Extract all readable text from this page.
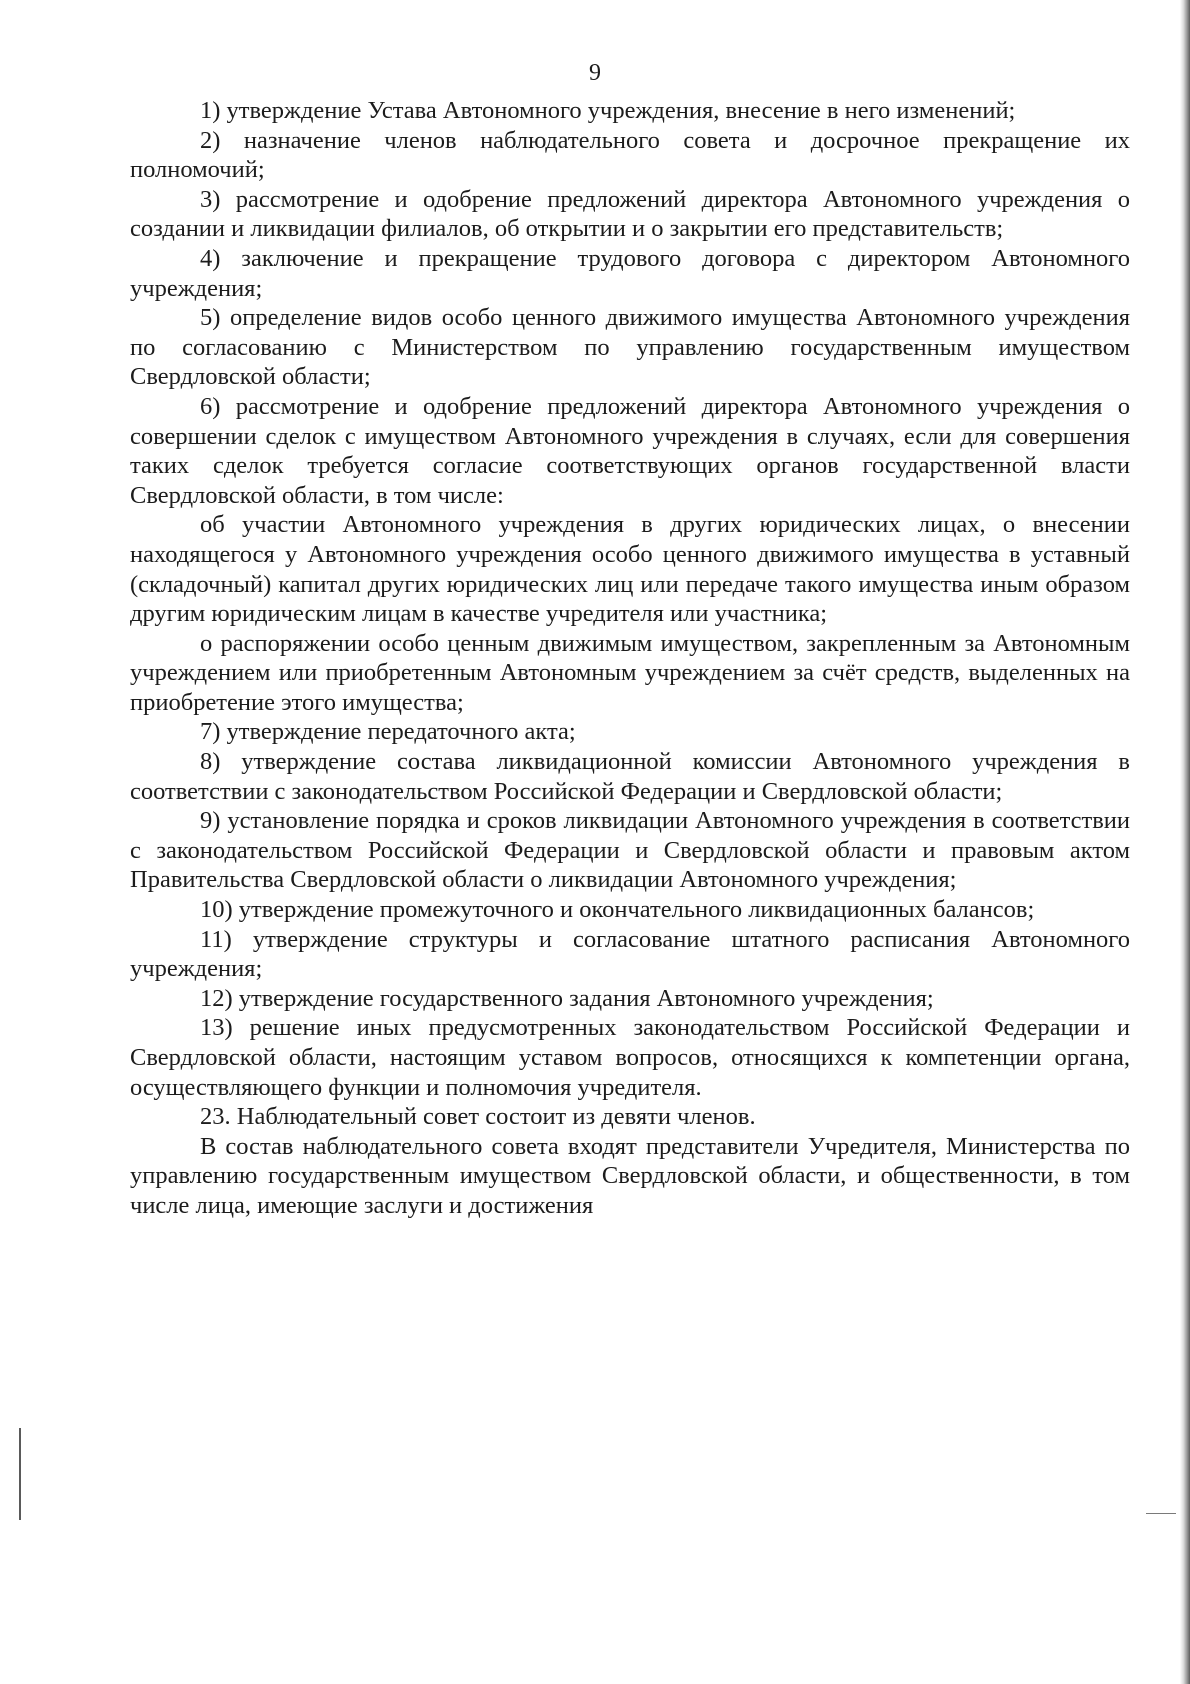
9

1) утверждение Устава Автономного учреждения, внесение в него изменений;

2) назначение членов наблюдательного совета и досрочное прекращение их полномочий;

3) рассмотрение и одобрение предложений директора Автономного учреждения о создании и ликвидации филиалов, об открытии и о закрытии его представительств;

4) заключение и прекращение трудового договора с директором Автономного учреждения;

5) определение видов особо ценного движимого имущества Автономного учреждения по согласованию с Министерством по управлению государственным имуществом Свердловской области;

6) рассмотрение и одобрение предложений директора Автономного учреждения о совершении сделок с имуществом Автономного учреждения в случаях, если для совершения таких сделок требуется согласие соответствующих органов государственной власти Свердловской области, в том числе:

об участии Автономного учреждения в других юридических лицах, о внесении находящегося у Автономного учреждения особо ценного движимого имущества в уставный (складочный) капитал других юридических лиц или передаче такого имущества иным образом другим юридическим лицам в качестве учредителя или участника;

о распоряжении особо ценным движимым имуществом, закрепленным за Автономным учреждением или приобретенным Автономным учреждением за счёт средств, выделенных на приобретение этого имущества;

7) утверждение передаточного акта;

8) утверждение состава ликвидационной комиссии Автономного учреждения в соответствии с законодательством Российской Федерации и Свердловской области;

9) установление порядка и сроков ликвидации Автономного учреждения в соответствии с законодательством Российской Федерации и Свердловской области и правовым актом Правительства Свердловской области о ликвидации Автономного учреждения;

10) утверждение промежуточного и окончательного ликвидационных балансов;

11) утверждение структуры и согласование штатного расписания Автономного учреждения;

12) утверждение государственного задания Автономного учреждения;

13) решение иных предусмотренных законодательством Российской Федерации и Свердловской области, настоящим уставом вопросов, относящихся к компетенции органа, осуществляющего функции и полномочия учредителя.

23. Наблюдательный совет состоит из девяти членов.

В состав наблюдательного совета входят представители Учредителя, Министерства по управлению государственным имуществом Свердловской области, и общественности, в том числе лица, имеющие заслуги и достижения
